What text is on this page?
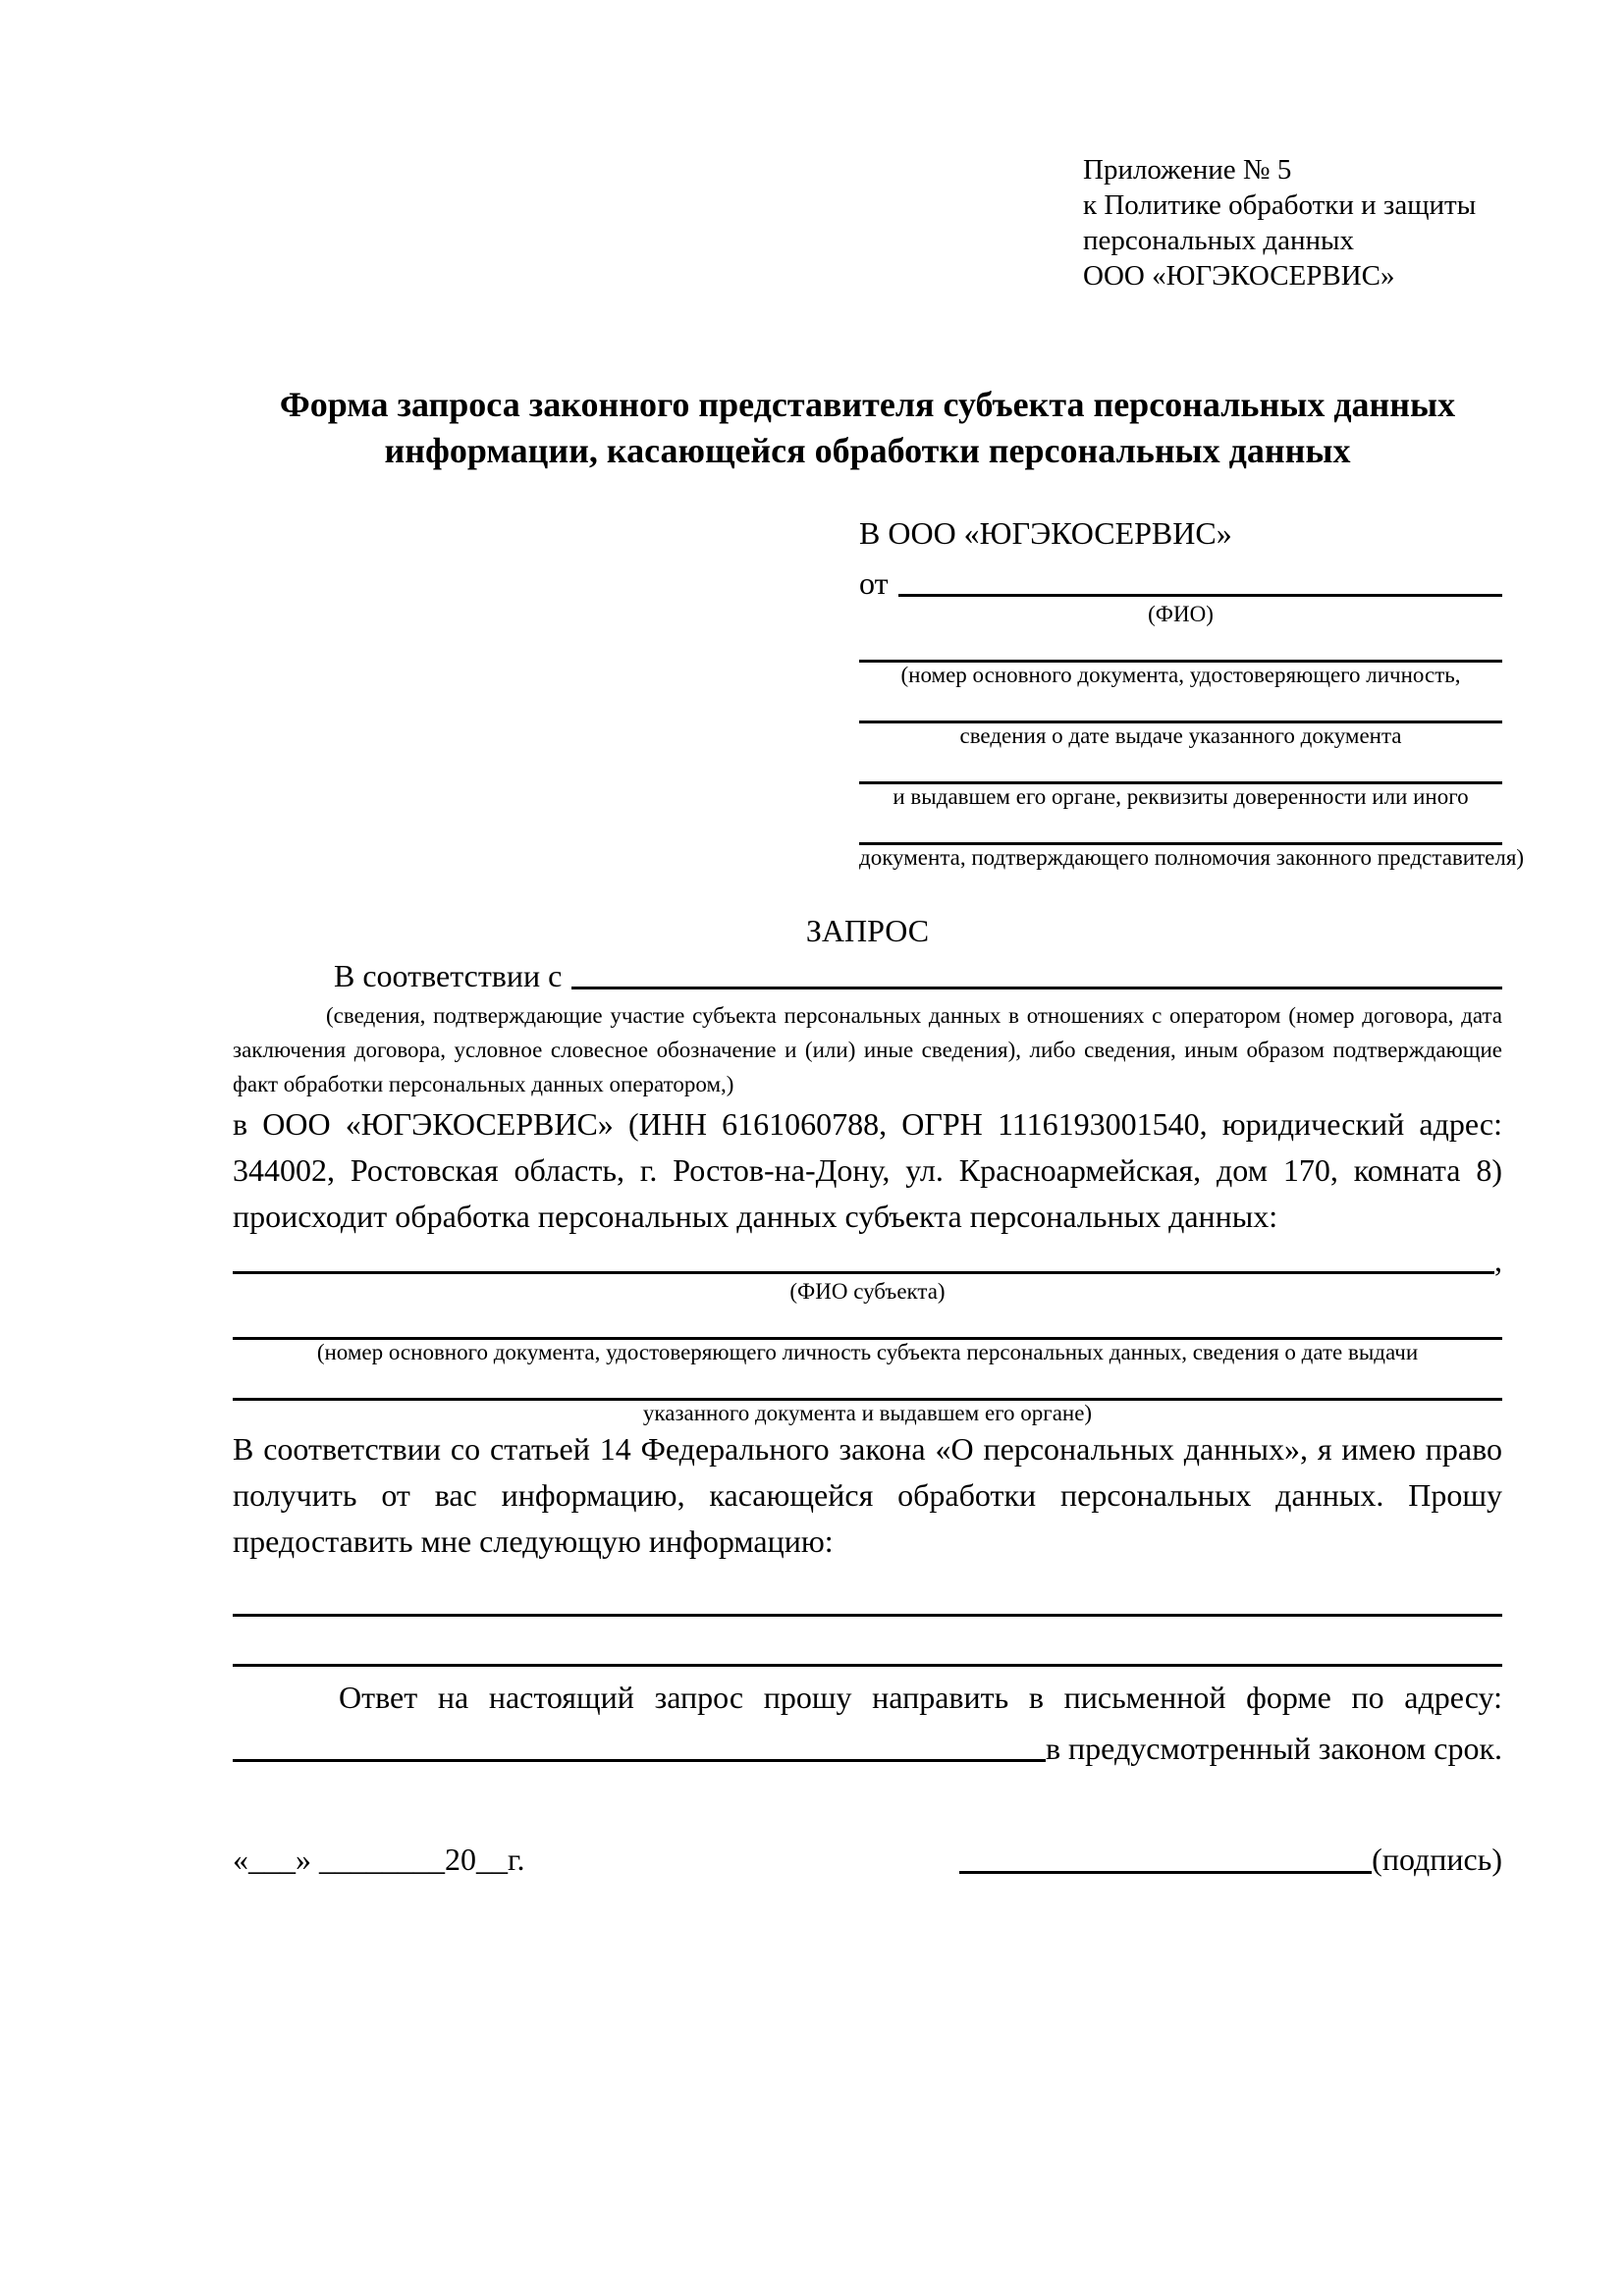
Приложение № 5
к Политике обработки и защиты
персональных данных
ООО «ЮГЭКОСЕРВИС»
Форма запроса законного представителя субъекта персональных данных
информации, касающейся обработки персональных данных
В ООО «ЮГЭКОСЕРВИС»
от
(ФИО)
(номер основного документа, удостоверяющего личность,
сведения о дате выдаче указанного документа
и выдавшем его органе, реквизиты доверенности или иного
документа, подтверждающего полномочия законного представителя)
ЗАПРОС
В соответствии с
(сведения, подтверждающие участие субъекта персональных данных в отношениях с оператором (номер договора, дата заключения договора, условное словесное обозначение и (или) иные сведения), либо сведения, иным образом подтверждающие факт обработки персональных данных оператором,)
в ООО «ЮГЭКОСЕРВИС» (ИНН 6161060788, ОГРН 1116193001540, юридический адрес: 344002, Ростовская область, г. Ростов-на-Дону, ул. Красноармейская, дом 170, комната 8) происходит обработка персональных данных субъекта персональных данных:
,
(ФИО субъекта)
(номер основного документа, удостоверяющего личность субъекта персональных данных, сведения о дате выдачи
указанного документа и выдавшем его органе)
В соответствии со статьей 14 Федерального закона «О персональных данных», я имею право получить от вас информацию, касающейся обработки персональных данных. Прошу предоставить мне следующую информацию:
Ответ на настоящий запрос прошу направить в письменной форме по адресу:
в предусмотренный законом срок.
«___» ________20__г.	(подпись)
